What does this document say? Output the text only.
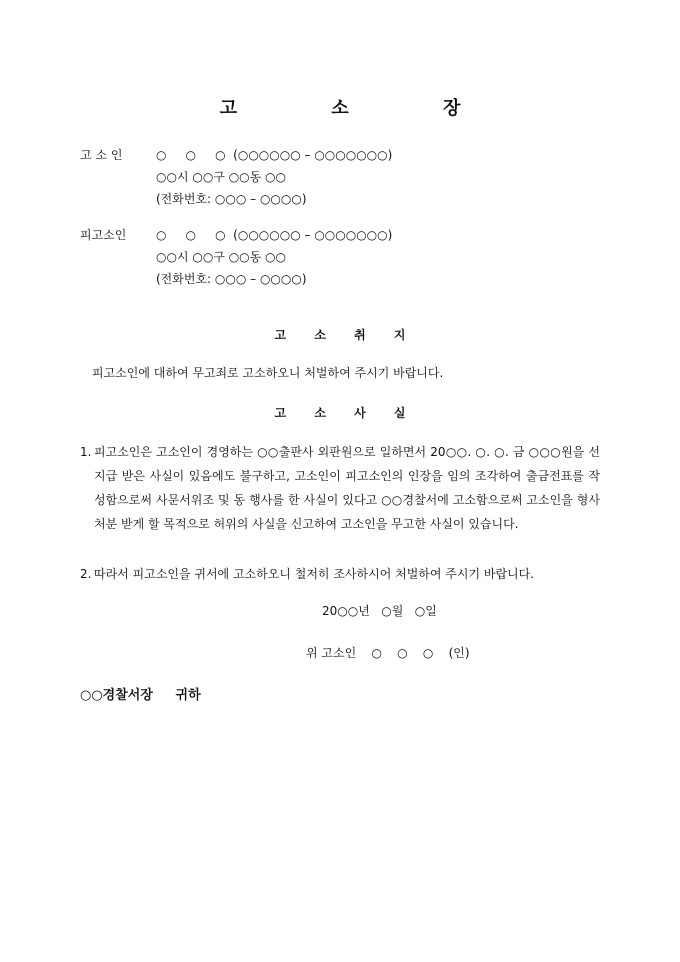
고 소 장
고 소 인	○     ○     ○  (○○○○○○ – ○○○○○○○)
○○시 ○○구 ○○동 ○○
(전화번호: ○○○ – ○○○○)
피고소인	○     ○     ○  (○○○○○○ – ○○○○○○○)
○○시 ○○구 ○○동 ○○
(전화번호: ○○○ – ○○○○)
고 소 취 지
피고소인에 대하여 무고죄로 고소하오니 처벌하여 주시기 바랍니다.
고 소 사 실
1. 피고소인은 고소인이 경영하는 ○○출판사 외판원으로 일하면서 20○○. ○. ○. 금 ○○○원을 선 지급 받은 사실이 있음에도 불구하고, 고소인이 피고소인의 인장을 임의 조각하여 출금전표를 작성함으로써 사문서위조 및 동 행사를 한 사실이 있다고 ○○경찰서에 고소함으로써 고소인을 형사처분 받게 할 목적으로 허위의 사실을 신고하여 고소인을 무고한 사실이 있습니다.
2. 따라서 피고소인을 귀서에 고소하오니 철저히 조사하시어 처벌하여 주시기 바랍니다.
20○○년   ○월   ○일
위 고소인    ○    ○    ○    (인)
○○경찰서장     귀하
